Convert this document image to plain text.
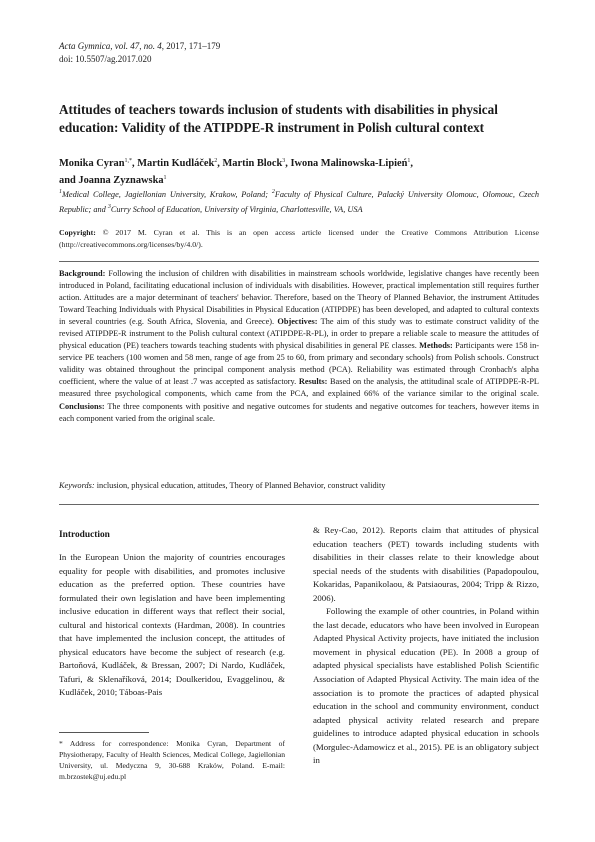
Acta Gymnica, vol. 47, no. 4, 2017, 171–179
doi: 10.5507/ag.2017.020
Attitudes of teachers towards inclusion of students with disabilities in physical education: Validity of the ATIPDPE-R instrument in Polish cultural context
Monika Cyran$^{1,*}$, Martin Kudláček$^2$, Martin Block$^3$, Iwona Malinowska-Lipień$^1$,
and Joanna Zyznawska$^1$
$^1$Medical College, Jagiellonian University, Krakow, Poland; $^2$Faculty of Physical Culture, Palacký University Olomouc, Olomouc, Czech Republic; and $^3$Curry School of Education, University of Virginia, Charlottesville, VA, USA
Copyright: © 2017 M. Cyran et al. This is an open access article licensed under the Creative Commons Attribution License (http://creativecommons.org/licenses/by/4.0/).
Background: Following the inclusion of children with disabilities in mainstream schools worldwide, legislative changes have recently been introduced in Poland, facilitating educational inclusion of individuals with disabilities. However, practical implementation still requires further action. Attitudes are a major determinant of teachers' behavior. Therefore, based on the Theory of Planned Behavior, the instrument Attitudes Toward Teaching Individuals with Physical Disabilities in Physical Education (ATIPDPE) has been developed, and adapted to cultural contexts in several countries (e.g. South Africa, Slovenia, and Greece). Objectives: The aim of this study was to estimate construct validity of the revised ATIPDPE-R instrument to the Polish cultural context (ATIPDPE-R-PL), in order to prepare a reliable scale to measure the attitudes of physical education (PE) teachers towards teaching students with physical disabilities in general PE classes. Methods: Participants were 158 in-service PE teachers (100 women and 58 men, range of age from 25 to 60, from primary and secondary schools) from Polish schools. Construct validity was obtained throughout the principal component analysis method (PCA). Reliability was estimated through Cronbach's alpha coefficient, where the value of at least .7 was accepted as satisfactory. Results: Based on the analysis, the attitudinal scale of ATIPDPE-R-PL measured three psychological components, which came from the PCA, and explained 66% of the variance similar to the original scale. Conclusions: The three components with positive and negative outcomes for students and negative outcomes for teachers, however items in each component varied from the original scale.
Keywords: inclusion, physical education, attitudes, Theory of Planned Behavior, construct validity
Introduction

In the European Union the majority of countries encourages equality for people with disabilities, and promotes inclusive education as the preferred option. These countries have formulated their own legislation and have been implementing inclusive education in different ways that reflect their social, cultural and historical contexts (Hardman, 2008). In countries that have implemented the inclusion concept, the attitudes of physical educators have become the subject of research (e.g. Bartoňová, Kudláček, & Bressan, 2007; Di Nardo, Kudláček, Tafuri, & Sklenaříková, 2014; Doulkeridou, Evaggelinou, & Kudláček, 2010; Táboas-Pais

& Rey-Cao, 2012). Reports claim that attitudes of physical education teachers (PET) towards including students with disabilities in their classes relate to their knowledge about special needs of the students with disabilities (Papadopoulou, Kokaridas, Papanikolaou, & Patsiaouras, 2004; Tripp & Rizzo, 2006).

Following the example of other countries, in Poland within the last decade, educators who have been involved in European Adapted Physical Activity projects, have initiated the inclusion movement in physical education (PE). In 2008 a group of adapted physical specialists have established Polish Scientific Association of Adapted Physical Activity. The main idea of the association is to promote the practices of adapted physical education in the school and community environment, conduct adapted physical activity related research and prepare guidelines to introduce adapted physical education in schools (Morgulec-Adamowicz et al., 2015). PE is an obligatory subject in

* Address for correspondence: Monika Cyran, Department of Physiotherapy, Faculty of Health Sciences, Medical College, Jagiellonian University, ul. Medyczna 9, 30-688 Kraków, Poland. E-mail: m.brzostek@uj.edu.pl
